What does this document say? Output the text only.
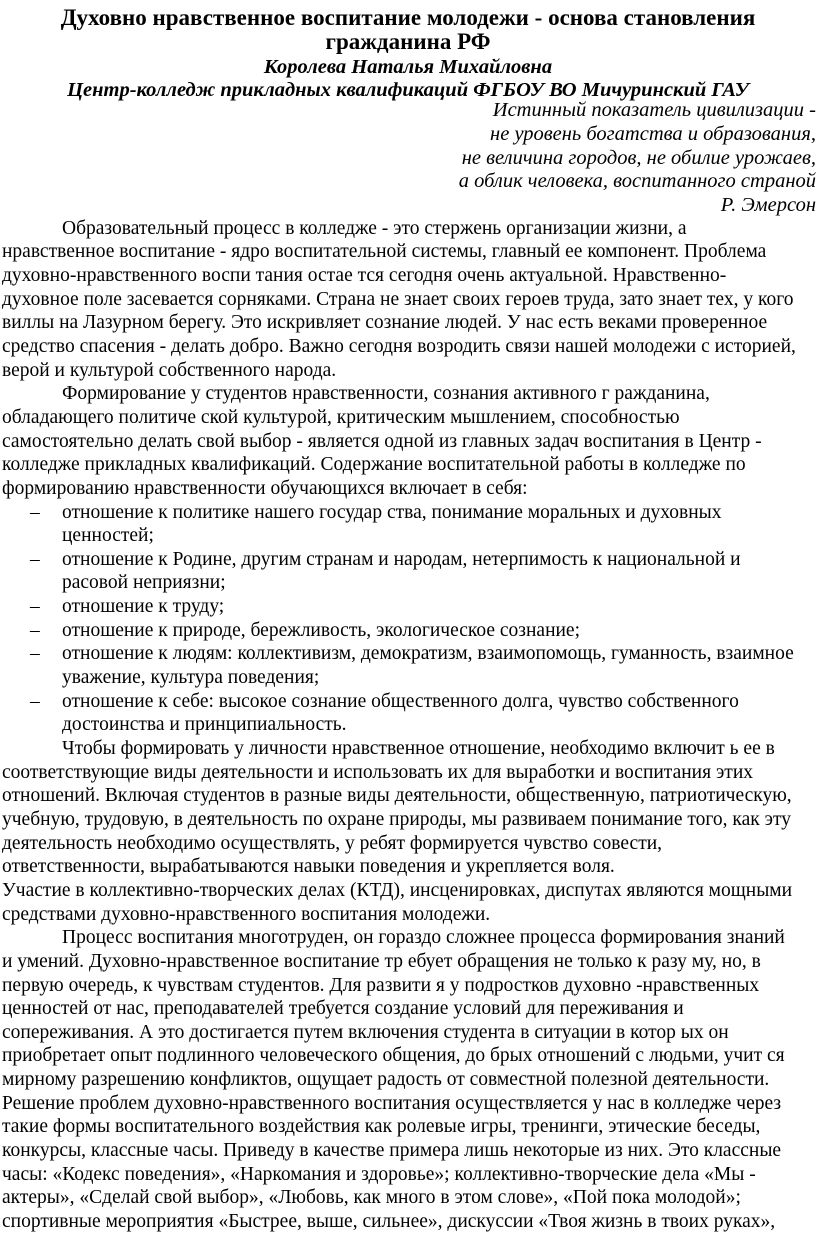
Духовно нравственное воспитание молодежи - основа становления
гражданина РФ
Королева Наталья Михайловна
Центр-колледж прикладных квалификаций ФГБОУ ВО Мичуринский ГАУ
Истинный показатель цивилизации -
не уровень богатства и образования,
не величина городов, не обилие урожаев,
а облик человека, воспитанного страной
Р. Эмерсон
Образовательный процесс в колледже - это стержень организации жизни, а
нравственное воспитание - ядро воспитательной системы, главный ее компонент. Проблема
духовно-нравственного воспи тания остае тся сегодня очень актуальной. Нравственно-
духовное поле засевается сорняками. Страна не знает своих героев труда, зато знает тех, у кого
виллы на Лазурном берегу. Это искривляет сознание людей. У нас есть веками проверенное
средство спасения - делать добро. Важно сегодня возродить связи нашей молодежи с историей,
верой и культурой собственного народа.
Формирование у студентов нравственности, сознания активного г ражданина,
обладающего политиче ской культурой, критическим мышлением, способностью
самостоятельно делать свой выбор - является одной из главных задач воспитания в Центр -
колледже прикладных квалификаций. Содержание воспитательной работы в колледже по
формированию нравственности обучающихся включает в себя:
– отношение к политике нашего государ ства, понимание моральных и духовных
ценностей;
– отношение к Родине, другим странам и народам, нетерпимость к национальной и
расовой неприязни;
– отношение к труду;
– отношение к природе, бережливость, экологическое сознание;
– отношение к людям: коллективизм, демократизм, взаимопомощь, гуманность, взаимное
уважение, культура поведения;
– отношение к себе: высокое сознание общественного долга, чувство собственного
достоинства и принципиальность.
Чтобы формировать у личности нравственное отношение, необходимо включит ь ее в
соответствующие виды деятельности и использовать их для выработки и воспитания этих
отношений. Включая студентов в разные виды деятельности, общественную, патриотическую,
учебную, трудовую, в деятельность по охране природы, мы развиваем понимание того, как эту
деятельность необходимо осуществлять, у ребят формируется чувство совести,
ответственности, вырабатываются навыки поведения и укрепляется воля.
Участие в коллективно-творческих делах (КТД), инсценировках, диспутах являются мощными
средствами духовно-нравственного воспитания молодежи.
Процесс воспитания многотруден, он гораздо сложнее процесса формирования знаний
и умений. Духовно-нравственное воспитание тр ебует обращения не только к разу му, но, в
первую очередь, к чувствам студентов. Для развити я у подростков духовно -нравственных
ценностей от нас, преподавателей требуется создание условий для переживания и
сопереживания. А это достигается путем включения студента в ситуации в котор ых он
приобретает опыт подлинного человеческого общения, до брых отношений с людьми, учит ся
мирному разрешению конфликтов, ощущает радость от совместной полезной деятельности.
Решение проблем духовно-нравственного воспитания осуществляется у нас в колледже через
такие формы воспитательного воздействия как ролевые игры, тренинги, этические беседы,
конкурсы, классные часы. Приведу в качестве примера лишь некоторые из них. Это классные
часы: «Кодекс поведения», «Наркомания и здоровье»; коллективно-творческие дела «Мы -
актеры», «Сделай свой выбор», «Любовь, как много в этом слове», «Пой пока молодой»;
спортивные мероприятия «Быстрее, выше, сильнее», дискуссии «Твоя жизнь в твоих руках»,
